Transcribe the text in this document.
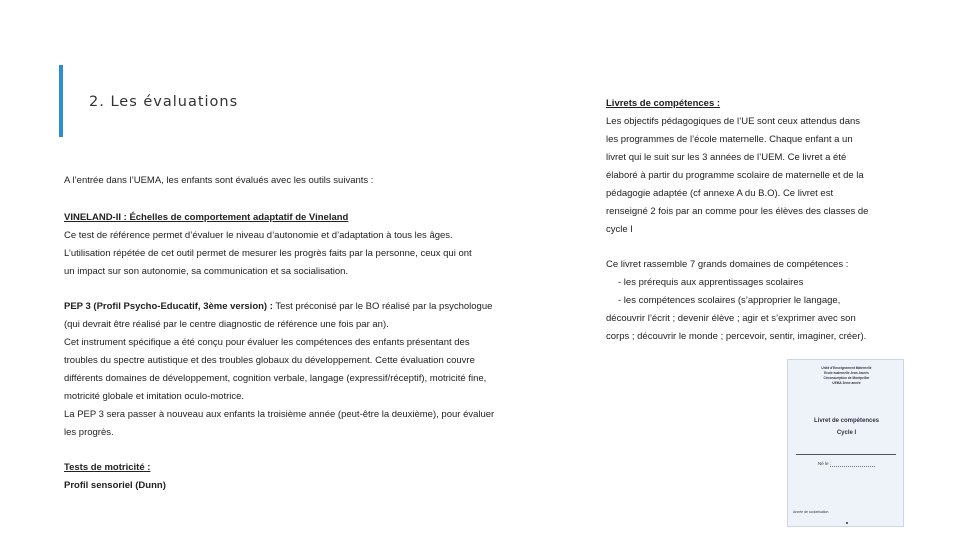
2. Les évaluations

A l’entrée dans l’UEMA, les enfants sont évalués avec les outils suivants :

VINELAND-II : Échelles de comportement adaptatif de Vineland

Ce test de référence permet d’évaluer le niveau d’autonomie et d’adaptation à tous les âges.

L’utilisation répétée de cet outil permet de mesurer les progrès faits par la personne, ceux qui ont

un impact sur son autonomie, sa communication et sa socialisation.

PEP 3 (Profil Psycho-Educatif, 3ème version) : Test préconisé par le BO réalisé par la psychologue

(qui devrait être réalisé par le centre diagnostic de référence une fois par an).

Cet instrument spécifique a été conçu pour évaluer les compétences des enfants présentant des

troubles du spectre autistique et des troubles globaux du développement. Cette évaluation couvre

différents domaines de développement, cognition verbale, langage (expressif/réceptif), motricité fine,

motricité globale et imitation oculo-motrice.

La PEP 3 sera passer à nouveau aux enfants la troisième année (peut-être la deuxième), pour évaluer

les progrès.

Tests de motricité :

Profil sensoriel (Dunn)

Livrets de compétences :

Les objectifs pédagogiques de l’UE sont ceux attendus dans

les programmes de l’école maternelle. Chaque enfant a un

livret qui le suit sur les 3 années de l’UEM. Ce livret a été

élaboré à partir du programme scolaire de maternelle et de la

pédagogie adaptée (cf annexe A du B.O). Ce livret est

renseigné 2 fois par an comme pour les élèves des classes de

cycle I

Ce livret rassemble 7 grands domaines de compétences :

- les prérequis aux apprentissages scolaires

- les compétences scolaires (s’approprier le langage,

découvrir l’écrit ; devenir élève ; agir et s’exprimer avec son

corps ; découvrir le monde ; percevoir, sentir, imaginer, créer).

Unité d’Enseignement Maternelle
Ecole maternelle Jean Jaurès
Circonscription de Montpellier
UEMA 3ème année
Livret de compétences
Cycle I
Né le :
Année de scolarisation
